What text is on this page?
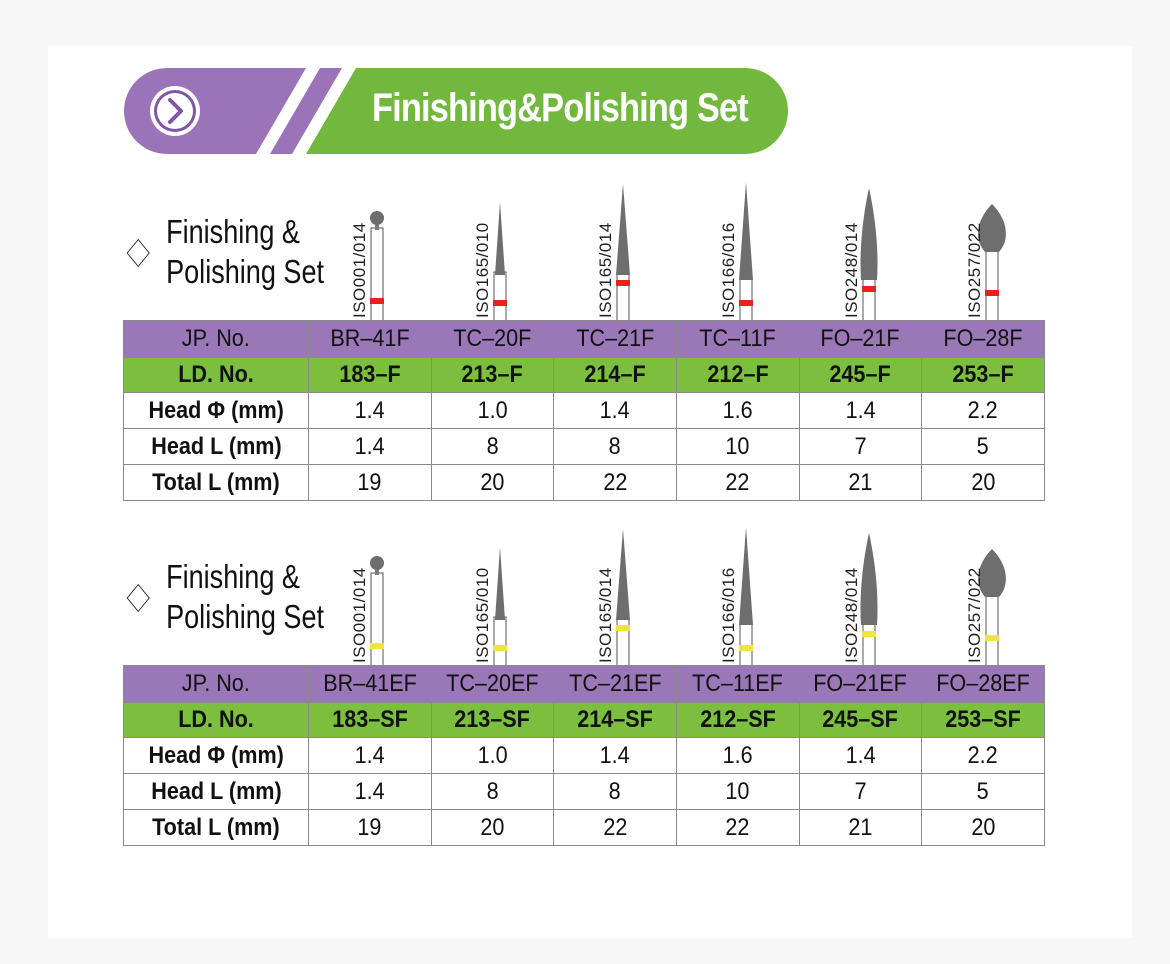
Finishing&Polishing Set
Finishing &
Polishing Set ISO001/014	ISO165/010	ISO165/014	ISO166/016	ISO248/014	ISO257/022
JP. No.	BR–41F	TC–20F	TC–21F	TC–11F	FO–21F	FO–28F
LD. No.	183–F	213–F	214–F	212–F	245–F	253–F
Head Φ (mm)	1.4	1.0	1.4	1.6	1.4	2.2
Head L (mm)	1.4	8	8	10	7	5
Total L (mm)	19	20	22	22	21	20
Finishing &
Polishing Set ISO001/014	ISO165/010	ISO165/014	ISO166/016	ISO248/014	ISO257/022
JP. No.	BR–41EF	TC–20EF	TC–21EF	TC–11EF	FO–21EF	FO–28EF
LD. No.	183–SF	213–SF	214–SF	212–SF	245–SF	253–SF
Head Φ (mm)	1.4	1.0	1.4	1.6	1.4	2.2
Head L (mm)	1.4	8	8	10	7	5
Total L (mm)	19	20	22	22	21	20
